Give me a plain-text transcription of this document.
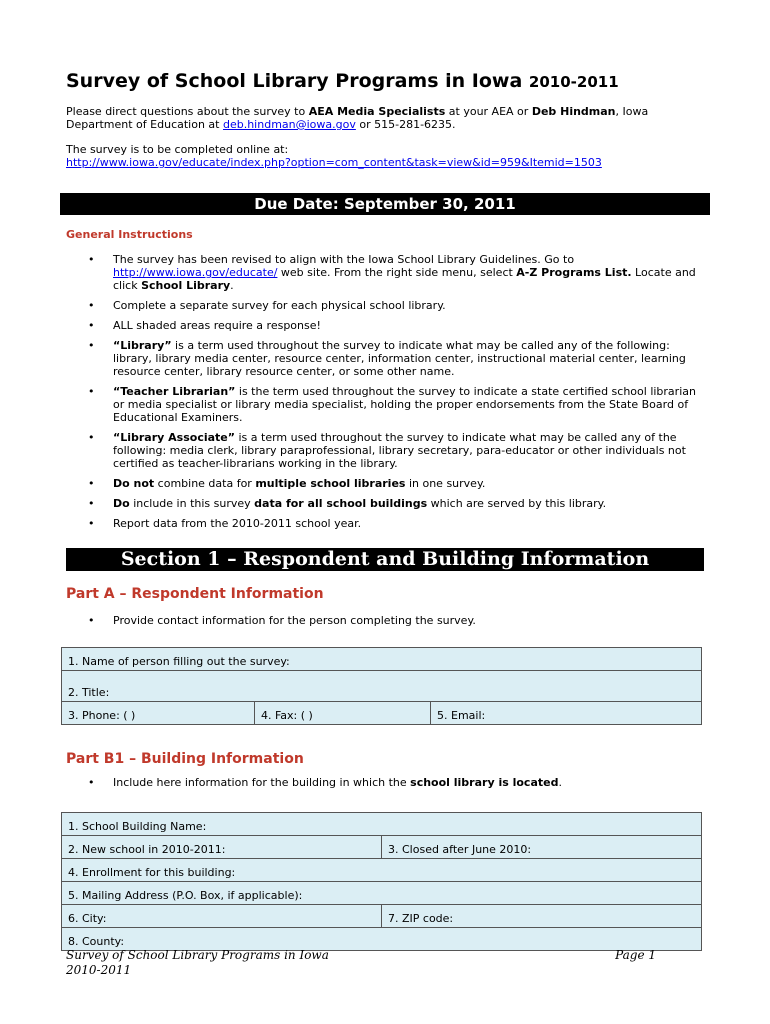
Survey of School Library Programs in Iowa 2010-2011
Please direct questions about the survey to AEA Media Specialists at your AEA or Deb Hindman, Iowa Department of Education at deb.hindman@iowa.gov or 515-281-6235.
The survey is to be completed online at:
http://www.iowa.gov/educate/index.php?option=com_content&task=view&id=959&Itemid=1503
Due Date: September 30, 2011
General Instructions
• The survey has been revised to align with the Iowa School Library Guidelines. Go to http://www.iowa.gov/educate/ web site. From the right side menu, select A-Z Programs List. Locate and click School Library.
• Complete a separate survey for each physical school library.
• ALL shaded areas require a response!
• “Library” is a term used throughout the survey to indicate what may be called any of the following: library, library media center, resource center, information center, instructional material center, learning resource center, library resource center, or some other name.
• “Teacher Librarian” is the term used throughout the survey to indicate a state certified school librarian or media specialist or library media specialist, holding the proper endorsements from the State Board of Educational Examiners.
• “Library Associate” is a term used throughout the survey to indicate what may be called any of the following: media clerk, library paraprofessional, library secretary, para-educator or other individuals not certified as teacher-librarians working in the library.
• Do not combine data for multiple school libraries in one survey.
• Do include in this survey data for all school buildings which are served by this library.
• Report data from the 2010-2011 school year.
Section 1 – Respondent and Building Information
Part A – Respondent Information
• Provide contact information for the person completing the survey.
1. Name of person filling out the survey:
2. Title:
3. Phone: ( )	4. Fax: ( )	5. Email:
Part B1 – Building Information
• Include here information for the building in which the school library is located.
1. School Building Name:	
2. New school in 2010-2011:	3. Closed after June 2010:
4. Enrollment for this building:	
5. Mailing Address (P.O. Box, if applicable):	
6. City:	7. ZIP code:
8. County:	
Survey of School Library Programs in Iowa
2010-2011
Page 1
